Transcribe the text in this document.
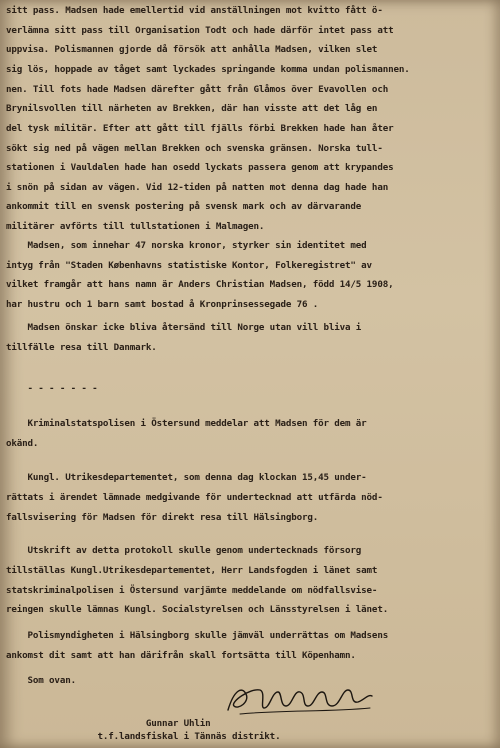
sitt pass. Madsen hade emellertid vid anställningen mot kvitto fått ö-
verlämna sitt pass till Organisation Todt och hade därför intet pass att
uppvisa. Polismannen gjorde då försök att anhålla Madsen, vilken slet
sig lös, hoppade av tåget samt lyckades springande komma undan polismannen.
nen. Till fots hade Madsen därefter gått från Glåmos över Evavollen och
Brynilsvollen till närheten av Brekken, där han visste att det låg en
del tysk militär. Efter att gått till fjälls förbi Brekken hade han åter
sökt sig ned på vägen mellan Brekken och svenska gränsen. Norska tull-
stationen i Vauldalen hade han osedd lyckats passera genom att krypandes
i snön på sidan av vägen. Vid 12-tiden på natten mot denna dag hade han
ankommit till en svensk postering på svensk mark och av därvarande
militärer avförts till tullstationen i Malmagen.
Madsen, som innehar 47 norska kronor, styrker sin identitet med
intyg från "Staden Københavns statistiske Kontor, Folkeregistret" av
vilket framgår att hans namn är Anders Christian Madsen, född 14/5 1908,
har hustru och 1 barn samt bostad å Kronprinsessegade 76 .
Madsen önskar icke bliva återsänd till Norge utan vill bliva i
tillfälle resa till Danmark.
- - - - - - -
Kriminalstatspolisen i Östersund meddelar att Madsen för dem är
okänd.
Kungl. Utrikesdepartementet, som denna dag klockan 15,45 under-
rättats i ärendet lämnade medgivande för undertecknad att utfärda nöd-
fallsvisering för Madsen för direkt resa till Hälsingborg.
Utskrift av detta protokoll skulle genom undertecknads försorg
tillställas Kungl.Utrikesdepartementet, Herr Landsfogden i länet samt
statskriminalpolisen i Östersund varjämte meddelande om nödfallsvise-
reingen skulle lämnas Kungl. Socialstyrelsen och Länsstyrelsen i länet.
Polismyndigheten i Hälsingborg skulle jämväl underrättas om Madsens
ankomst dit samt att han därifrån skall fortsätta till Köpenhamn.
Som ovan.
Gunnar Uhlin
t.f.landsfiskal i Tännäs distrikt.
